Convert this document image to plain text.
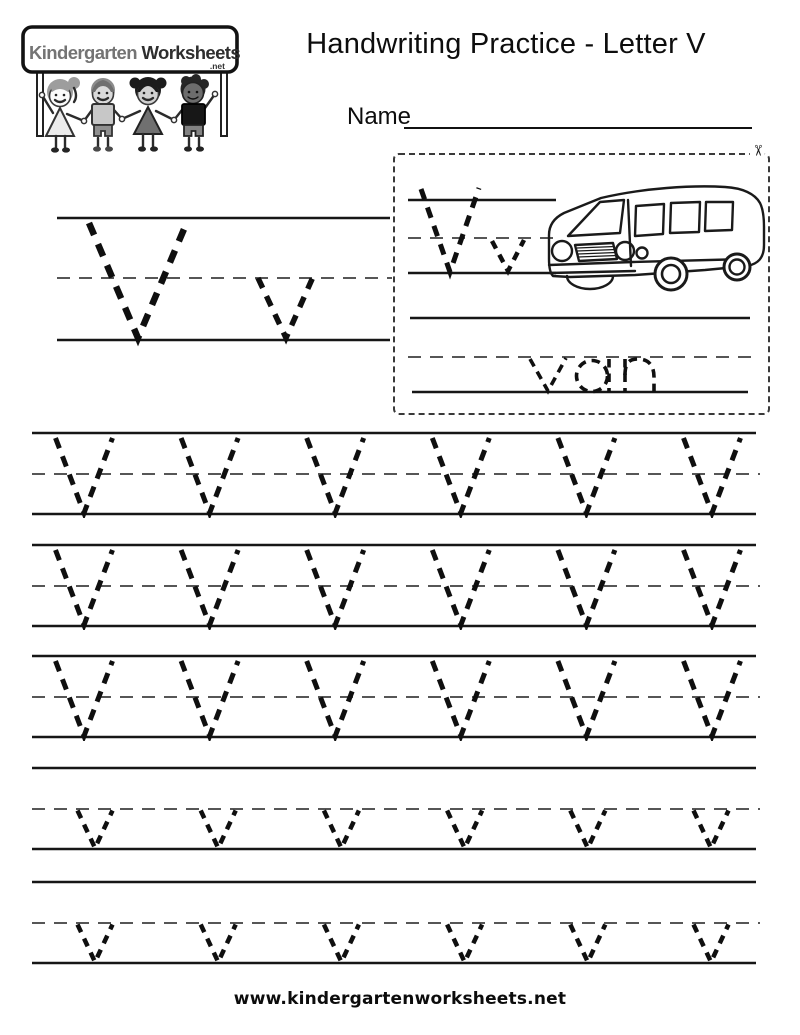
Kindergarten Worksheets
.net
Handwriting Practice - Letter V
Name
✂
www.kindergartenworksheets.net
